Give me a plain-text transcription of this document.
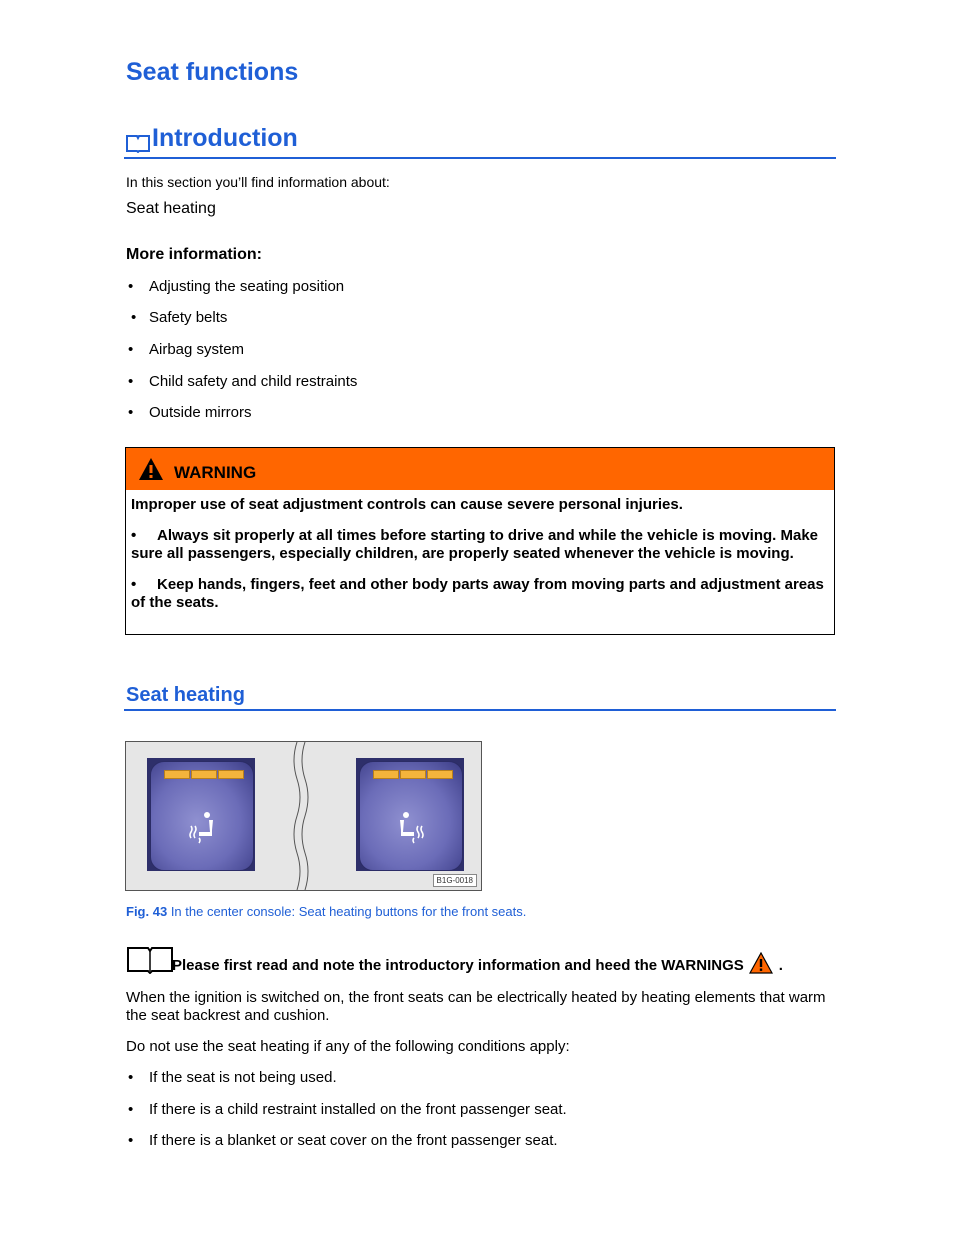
Seat functions
Introduction
In this section you’ll find information about:
Seat heating
More information:
•	Adjusting the seating position
• Safety belts
•	Airbag system
•	Child safety and child restraints
•	Outside mirrors
WARNING

Improper use of seat adjustment controls can cause severe personal injuries.

• Always sit properly at all times before starting to drive and while the vehicle is moving. Make sure all passengers, especially children, are properly seated whenever the vehicle is moving.

• Keep hands, fingers, feet and other body parts away from moving parts and adjustment areas of the seats.

Seat heating
B1G-0018
Fig. 43 In the center console: Seat heating buttons for the front seats.
Please first read and note the introductory information and heed the WARNINGS .
When the ignition is switched on, the front seats can be electrically heated by heating elements that warm the seat backrest and cushion.
Do not use the seat heating if any of the following conditions apply:
•	If the seat is not being used.
•	If there is a child restraint installed on the front passenger seat.
•	If there is a blanket or seat cover on the front passenger seat.
